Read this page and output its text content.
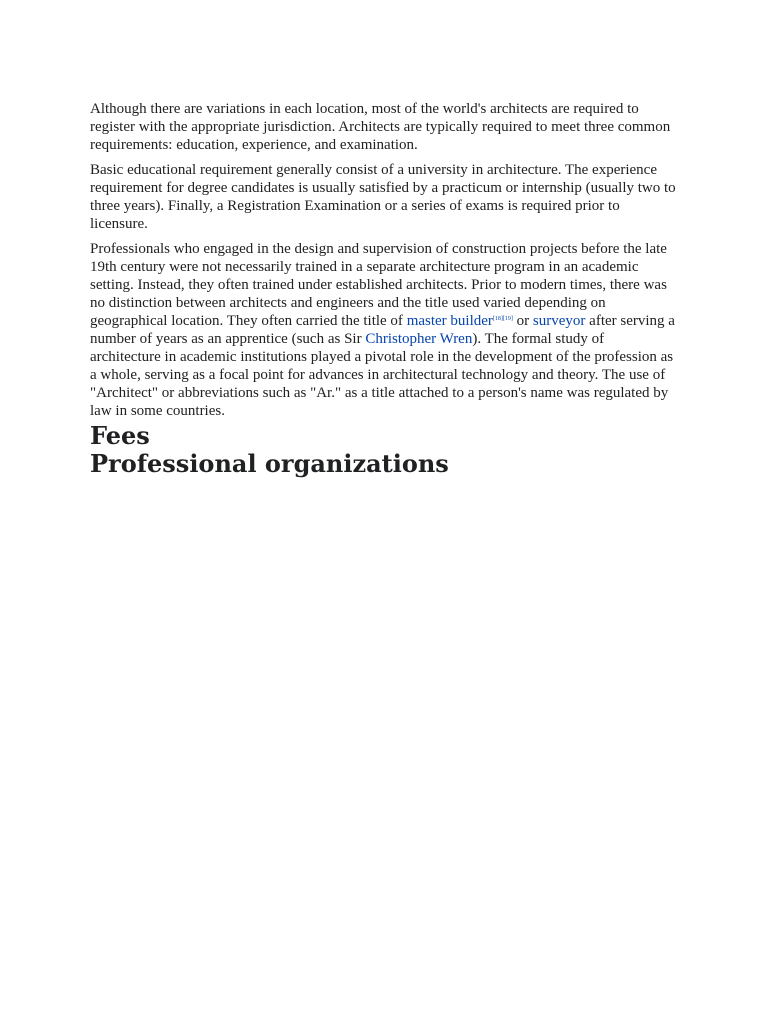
Although there are variations in each location, most of the world's architects are required to register with the appropriate jurisdiction. Architects are typically required to meet three common requirements: education, experience, and examination.

Basic educational requirement generally consist of a university in architecture. The experience requirement for degree candidates is usually satisfied by a practicum or internship (usually two to three years). Finally, a Registration Examination or a series of exams is required prior to licensure.

Professionals who engaged in the design and supervision of construction projects before the late 19th century were not necessarily trained in a separate architecture program in an academic setting. Instead, they often trained under established architects. Prior to modern times, there was no distinction between architects and engineers and the title used varied depending on geographical location. They often carried the title of master builder[18][19] or surveyor after serving a number of years as an apprentice (such as Sir Christopher Wren). The formal study of architecture in academic institutions played a pivotal role in the development of the profession as a whole, serving as a focal point for advances in architectural technology and theory. The use of "Architect" or abbreviations such as "Ar." as a title attached to a person's name was regulated by law in some countries.

Fees
Professional organizations
